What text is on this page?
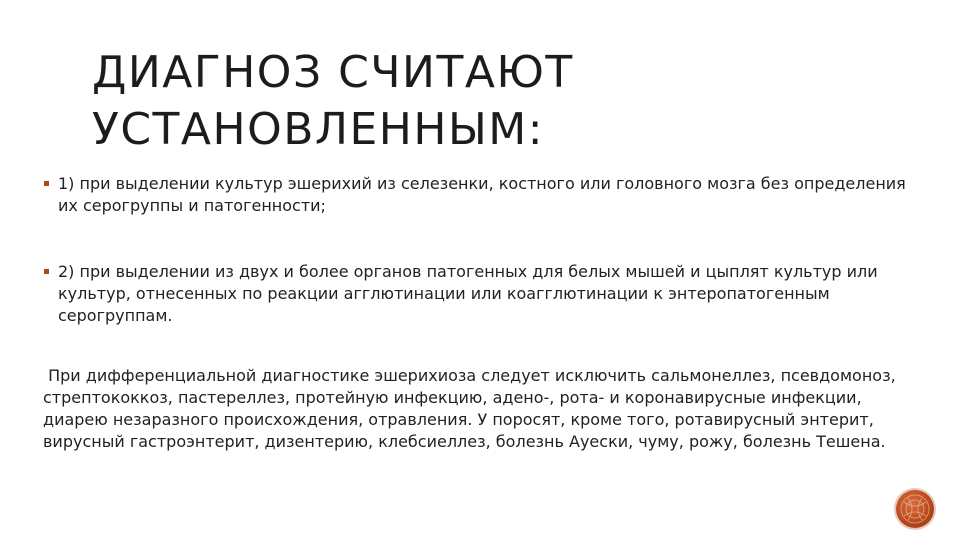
ДИАГНОЗ СЧИТАЮТ УСТАНОВЛЕННЫМ:
1) при выделении культур эшерихий из селезенки, костного или головного мозга без определения их серогруппы и патогенности;
2) при выделении из двух и более органов патогенных для белых мышей и цыплят культур или культур, отнесенных по реакции агглютинации или коагглютинации к энтеропатогенным серогруппам.

При дифференциальной диагностике эшерихиоза следует исключить сальмонеллез, псевдомоноз, стрептококкоз, пастереллез, протейную инфекцию, адено-, рота- и коронавирусные инфекции, диарею незаразного происхождения, отравления. У поросят, кроме того, ротавирусный энтерит, вирусный гастроэнтерит, дизентерию, клебсиеллез, болезнь Ауески, чуму, рожу, болезнь Тешена.
